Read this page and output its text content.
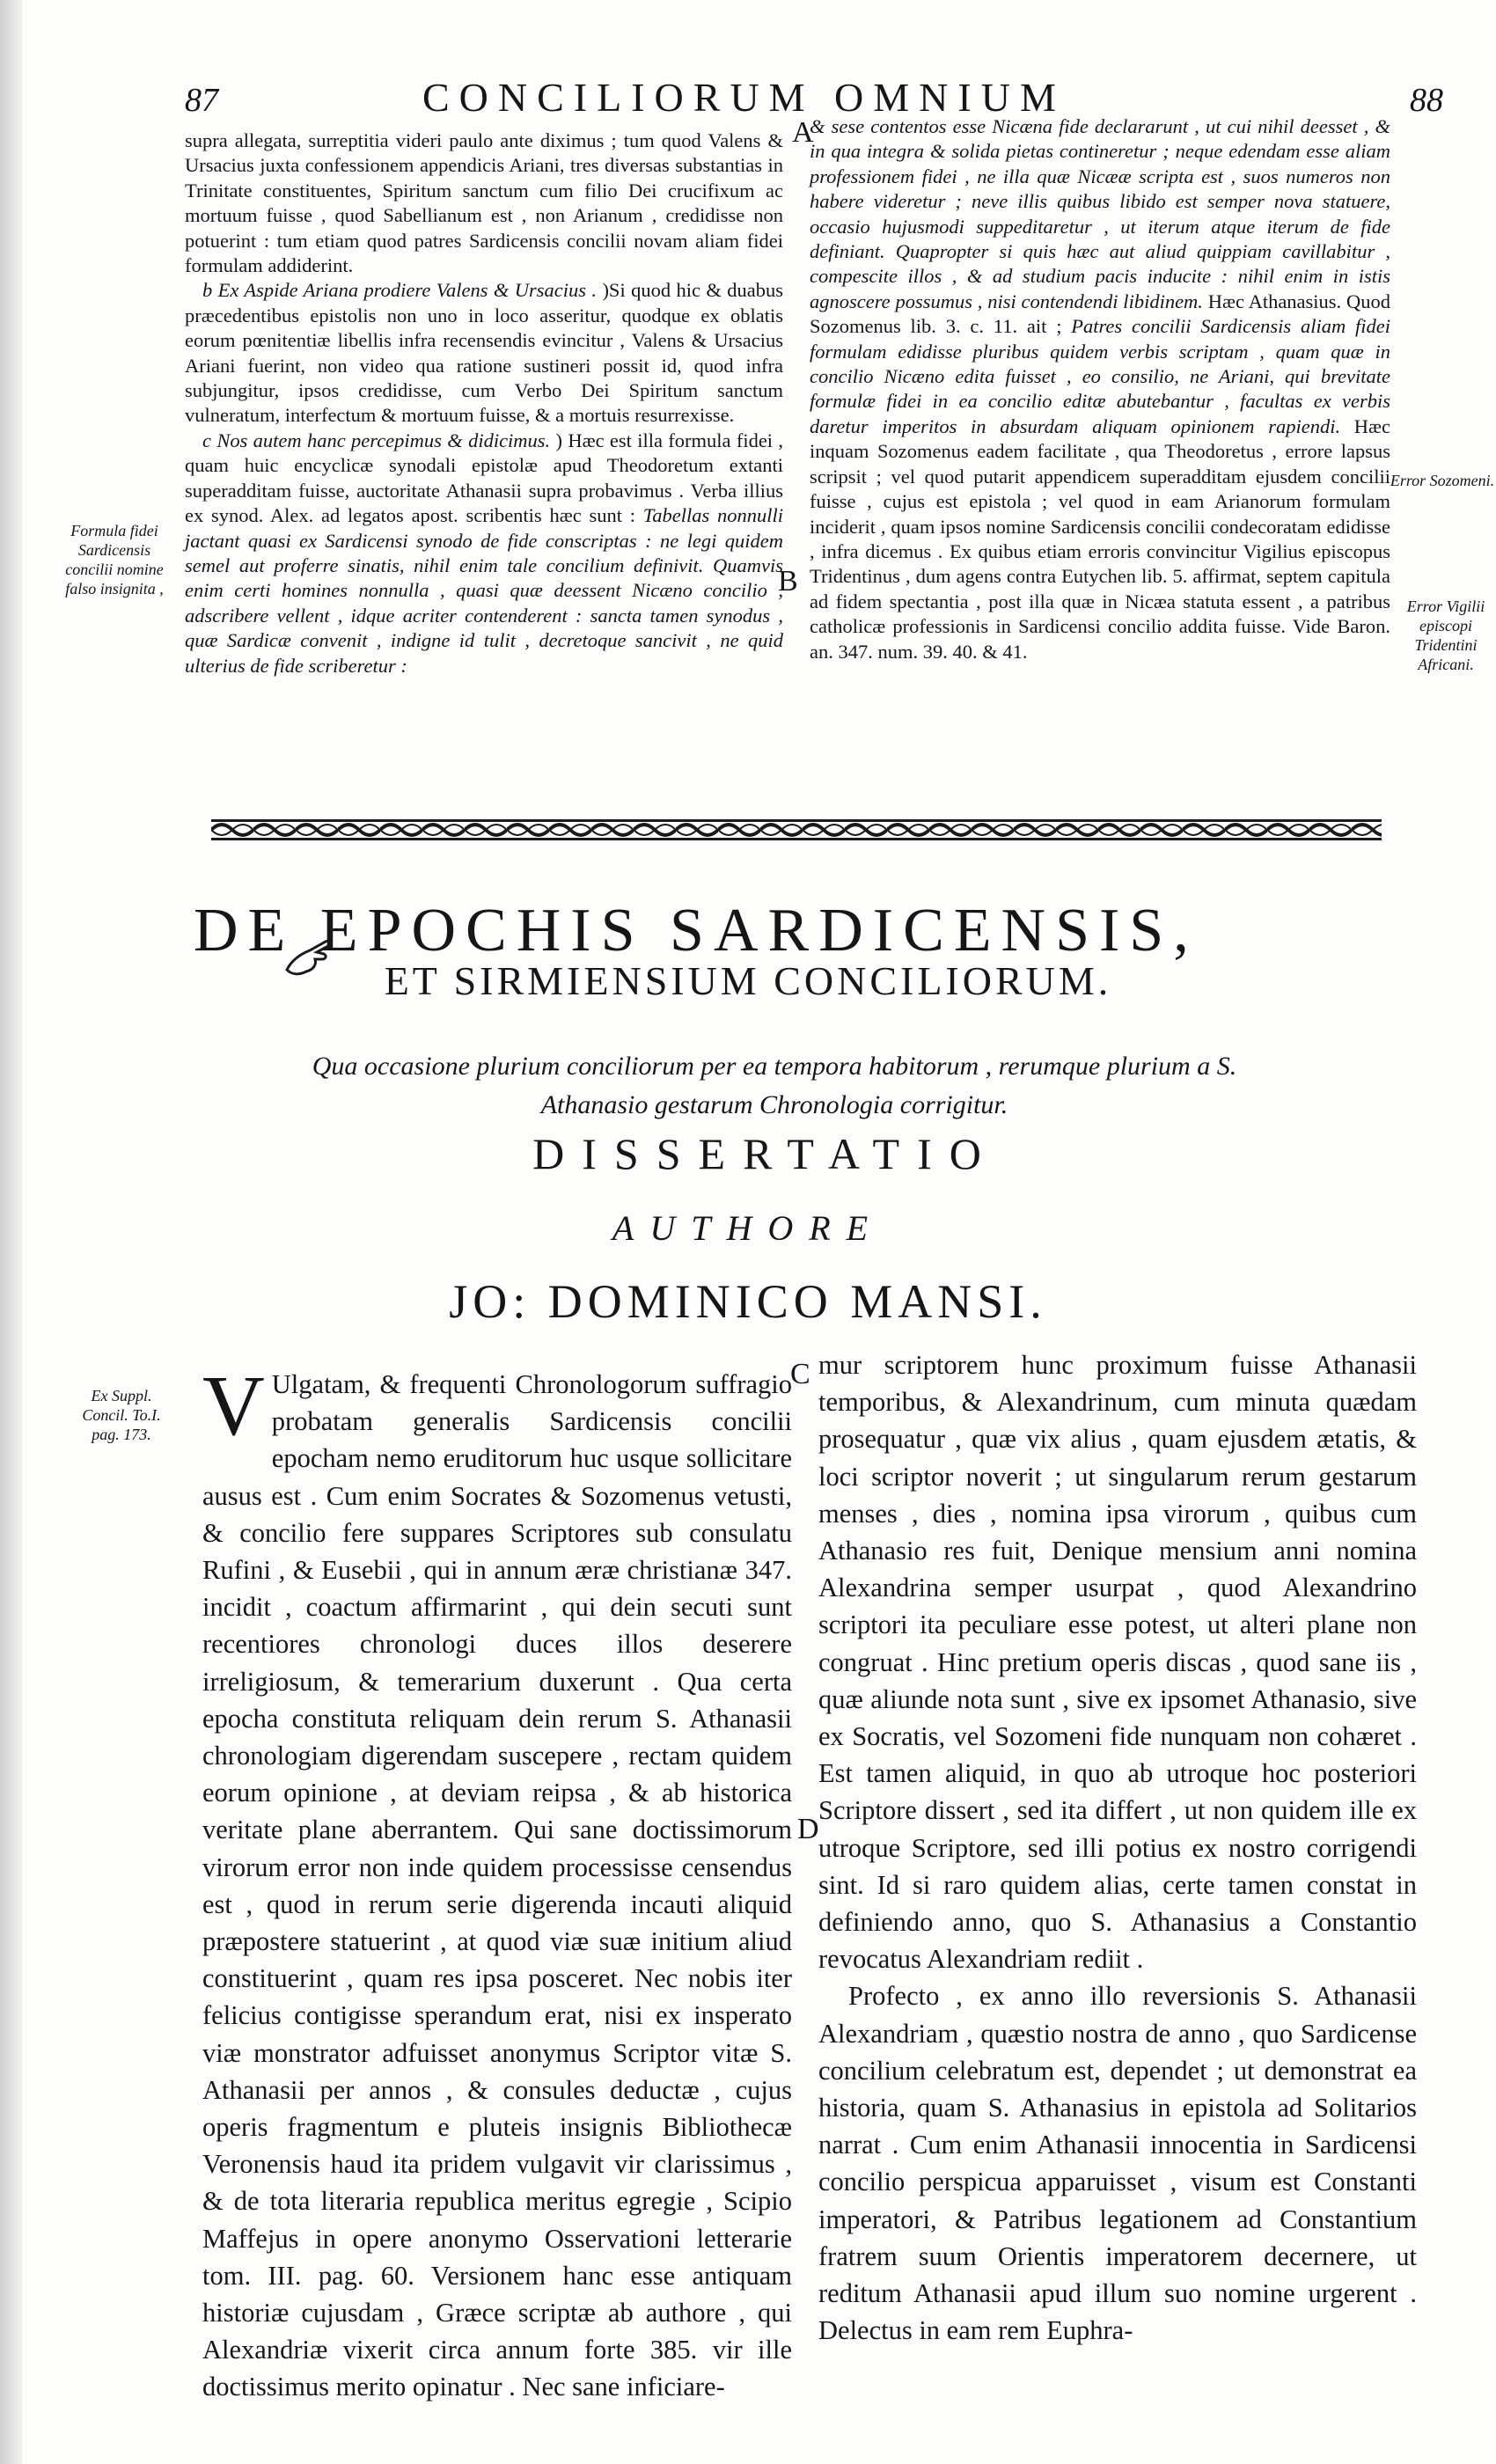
87	CONCILIORUM OMNIUM	88

supra allegata, surreptitia videri paulo ante diximus ; tum quod Valens & Ursacius juxta confessionem appendicis Ariani, tres diversas substantias in Trinitate constituentes, Spiritum sanctum cum filio Dei crucifixum ac mortuum fuisse , quod Sabellianum est , non Arianum , credidisse non potuerint : tum etiam quod patres Sardicensis concilii novam aliam fidei formulam addiderint.

b Ex Aspide Ariana prodiere Valens & Ursacius . )Si quod hic & duabus præcedentibus epistolis non uno in loco asseritur, quodque ex oblatis eorum pœnitentiæ libellis infra recensendis evincitur , Valens & Ursacius Ariani fuerint, non video qua ratione sustineri possit id, quod infra subjungitur, ipsos credidisse, cum Verbo Dei Spiritum sanctum vulneratum, interfectum & mortuum fuisse, & a mortuis resurrexisse.

c Nos autem hanc percepimus & didicimus. ) Hæc est illa formula fidei , quam huic encyclicæ synodali epistolæ apud Theodoretum extanti superadditam fuisse, auctoritate Athanasii supra probavimus . Verba illius ex synod. Alex. ad legatos apost. scribentis hæc sunt : Tabellas nonnulli jactant quasi ex Sardicensi synodo de fide conscriptas : ne legi quidem semel aut proferre sinatis, nihil enim tale concilium definivit. Quamvis enim certi homines nonnulla , quasi quæ deessent Nicæno concilio , adscribere vellent , idque acriter contenderent : sancta tamen synodus , quæ Sardicæ convenit , indigne id tulit , decretoque sancivit , ne quid ulterius de fide scriberetur :

& sese contentos esse Nicæna fide declararunt , ut cui nihil deesset , & in qua integra & solida pietas contineretur ; neque edendam esse aliam professionem fidei , ne illa quæ Nicææ scripta est , suos numeros non habere videretur ; neve illis quibus libido est semper nova statuere, occasio hujusmodi suppeditaretur , ut iterum atque iterum de fide definiant. Quapropter si quis hæc aut aliud quippiam cavillabitur , compescite illos , & ad studium pacis inducite : nihil enim in istis agnoscere possumus , nisi contendendi libidinem. Hæc Athanasius. Quod Sozomenus lib. 3. c. 11. ait ; Patres concilii Sardicensis aliam fidei formulam edidisse pluribus quidem verbis scriptam , quam quæ in concilio Nicæno edita fuisset , eo consilio, ne Ariani, qui brevitate formulæ fidei in ea concilio editæ abutebantur , facultas ex verbis daretur imperitos in absurdam aliquam opinionem rapiendi. Hæc inquam Sozomenus eadem facilitate , qua Theodoretus , errore lapsus scripsit ; vel quod putarit appendicem superadditam ejusdem concilii fuisse , cujus est epistola ; vel quod in eam Arianorum formulam inciderit , quam ipsos nomine Sardicensis concilii condecoratam edidisse , infra dicemus . Ex quibus etiam erroris convincitur Vigilius episcopus Tridentinus , dum agens contra Eutychen lib. 5. affirmat, septem capitula ad fidem spectantia , post illa quæ in Nicæa statuta essent , a patribus catholicæ professionis in Sardicensi concilio addita fuisse. Vide Baron. an. 347. num. 39. 40. & 41.

A
B
C
D
Formula fidei Sardicensis concilii nomine falso insignita ,
Error Sozomeni.
Error Vigilii episcopi Tridentini Africani.
Ex Suppl. Concil. To.I. pag. 173.
DE EPOCHIS SARDICENSIS,
ET SIRMIENSIUM CONCILIORUM.
Qua occasione plurium conciliorum per ea tempora habitorum , rerumque plurium a S. Athanasio gestarum Chronologia corrigitur.
DISSERTATIO
AUTHORE
JO: DOMINICO MANSI.

V Ulgatam, & frequenti Chronologorum suffragio probatam generalis Sardicensis concilii epocham nemo eruditorum huc usque sollicitare ausus est . Cum enim Socrates & Sozomenus vetusti, & concilio fere suppares Scriptores sub consulatu Rufini , & Eusebii , qui in annum æræ christianæ 347. incidit , coactum affirmarint , qui dein secuti sunt recentiores chronologi duces illos deserere irreligiosum, & temerarium duxerunt . Qua certa epocha constituta reliquam dein rerum S. Athanasii chronologiam digerendam suscepere , rectam quidem eorum opinione , at deviam reipsa , & ab historica veritate plane aberrantem. Qui sane doctissimorum virorum error non inde quidem processisse censendus est , quod in rerum serie digerenda incauti aliquid præpostere statuerint , at quod viæ suæ initium aliud constituerint , quam res ipsa posceret. Nec nobis iter felicius contigisse sperandum erat, nisi ex insperato viæ monstrator adfuisset anonymus Scriptor vitæ S. Athanasii per annos , & consules deductæ , cujus operis fragmentum e pluteis insignis Bibliothecæ Veronensis haud ita pridem vulgavit vir clarissimus , & de tota literaria republica meritus egregie , Scipio Maffejus in opere anonymo Osservationi letterarie tom. III. pag. 60. Versionem hanc esse antiquam historiæ cujusdam , Græce scriptæ ab authore , qui Alexandriæ vixerit circa annum forte 385. vir ille doctissimus merito opinatur . Nec sane inficiare-

mur scriptorem hunc proximum fuisse Athanasii temporibus, & Alexandrinum, cum minuta quædam prosequatur , quæ vix alius , quam ejusdem ætatis, & loci scriptor noverit ; ut singularum rerum gestarum menses , dies , nomina ipsa virorum , quibus cum Athanasio res fuit, Denique mensium anni nomina Alexandrina semper usurpat , quod Alexandrino scriptori ita peculiare esse potest, ut alteri plane non congruat . Hinc pretium operis discas , quod sane iis , quæ aliunde nota sunt , sive ex ipsomet Athanasio, sive ex Socratis, vel Sozomeni fide nunquam non cohæret . Est tamen aliquid, in quo ab utroque hoc posteriori Scriptore dissert , sed ita differt , ut non quidem ille ex utroque Scriptore, sed illi potius ex nostro corrigendi sint. Id si raro quidem alias, certe tamen constat in definiendo anno, quo S. Athanasius a Constantio revocatus Alexandriam rediit .

Profecto , ex anno illo reversionis S. Athanasii Alexandriam , quæstio nostra de anno , quo Sardicense concilium celebratum est, dependet ; ut demonstrat ea historia, quam S. Athanasius in epistola ad Solitarios narrat . Cum enim Athanasii innocentia in Sardicensi concilio perspicua apparuisset , visum est Constanti imperatori, & Patribus legationem ad Constantium fratrem suum Orientis imperatorem decernere, ut reditum Athanasii apud illum suo nomine urgerent . Delectus in eam rem Euphra-
